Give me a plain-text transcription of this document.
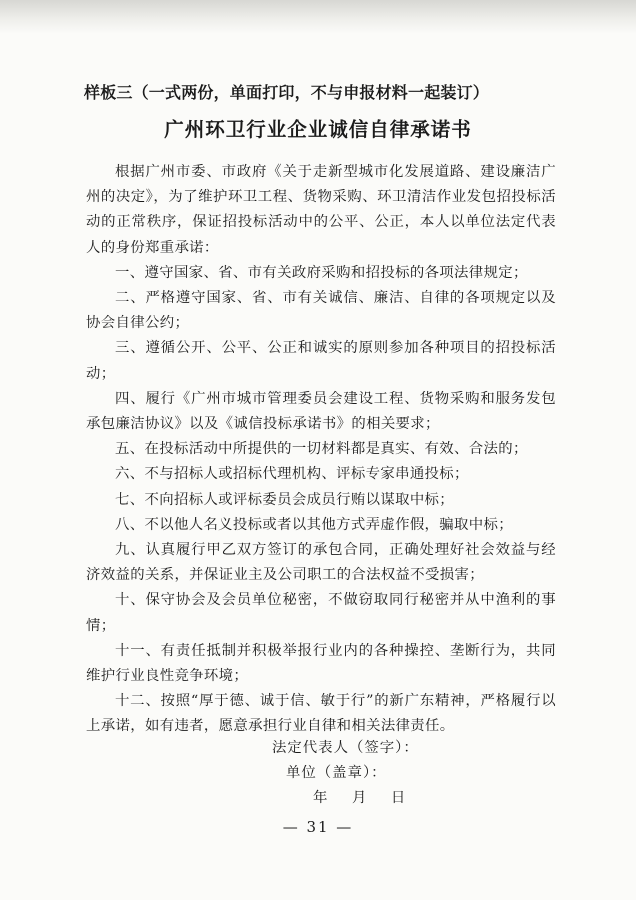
样板三（一式两份，单面打印，不与申报材料一起装订）
广州环卫行业企业诚信自律承诺书

根据广州市委、市政府《关于走新型城市化发展道路、建设廉洁广州的决定》，为了维护环卫工程、货物采购、环卫清洁作业发包招投标活动的正常秩序，保证招投标活动中的公平、公正，本人以单位法定代表人的身份郑重承诺：

一、遵守国家、省、市有关政府采购和招投标的各项法律规定；

二、严格遵守国家、省、市有关诚信、廉洁、自律的各项规定以及协会自律公约；

三、遵循公开、公平、公正和诚实的原则参加各种项目的招投标活动；

四、履行《广州市城市管理委员会建设工程、货物采购和服务发包承包廉洁协议》以及《诚信投标承诺书》的相关要求；

五、在投标活动中所提供的一切材料都是真实、有效、合法的；

六、不与招标人或招标代理机构、评标专家串通投标；

七、不向招标人或评标委员会成员行贿以谋取中标；

八、不以他人名义投标或者以其他方式弄虚作假，骗取中标；

九、认真履行甲乙双方签订的承包合同，正确处理好社会效益与经济效益的关系，并保证业主及公司职工的合法权益不受损害；

十、保守协会及会员单位秘密，不做窃取同行秘密并从中渔利的事情；

十一、有责任抵制并积极举报行业内的各种操控、垄断行为，共同维护行业良性竞争环境；

十二、按照“厚于德、诚于信、敏于行”的新广东精神，严格履行以上承诺，如有违者，愿意承担行业自律和相关法律责任。

法定代表人（签字）：
单位（盖章）：
年 月 日
— 31 —
